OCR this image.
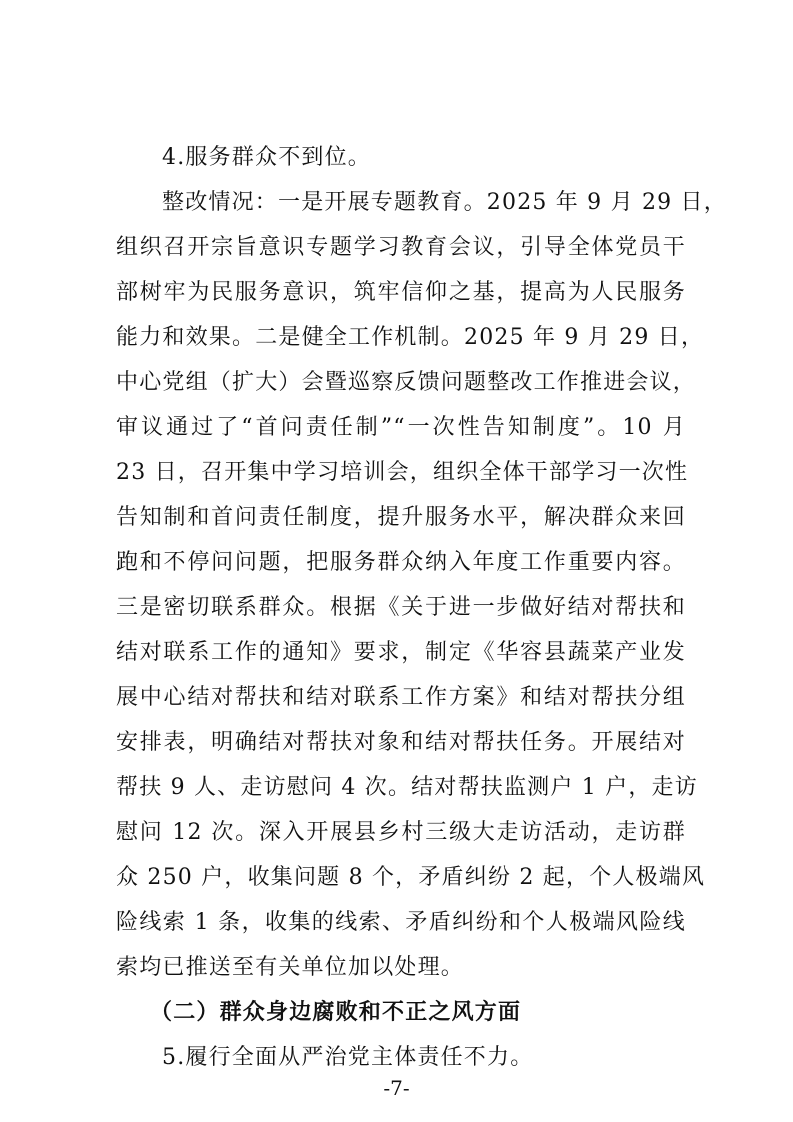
4.服务群众不到位。
整改情况：一是开展专题教育。2025 年 9 月 29 日，
组织召开宗旨意识专题学习教育会议，引导全体党员干
部树牢为民服务意识，筑牢信仰之基，提高为人民服务
能力和效果。二是健全工作机制。2025 年 9 月 29 日，
中心党组（扩大）会暨巡察反馈问题整改工作推进会议，
审议通过了“首问责任制”“一次性告知制度”。10 月
23 日，召开集中学习培训会，组织全体干部学习一次性
告知制和首问责任制度，提升服务水平，解决群众来回
跑和不停问问题，把服务群众纳入年度工作重要内容。
三是密切联系群众。根据《关于进一步做好结对帮扶和
结对联系工作的通知》要求，制定《华容县蔬菜产业发
展中心结对帮扶和结对联系工作方案》和结对帮扶分组
安排表，明确结对帮扶对象和结对帮扶任务。开展结对
帮扶 9 人、走访慰问 4 次。结对帮扶监测户 1 户，走访
慰问 12 次。深入开展县乡村三级大走访活动，走访群
众 250 户，收集问题 8 个，矛盾纠纷 2 起，个人极端风
险线索 1 条，收集的线索、矛盾纠纷和个人极端风险线
索均已推送至有关单位加以处理。
（二）群众身边腐败和不正之风方面
5.履行全面从严治党主体责任不力。
-7-
